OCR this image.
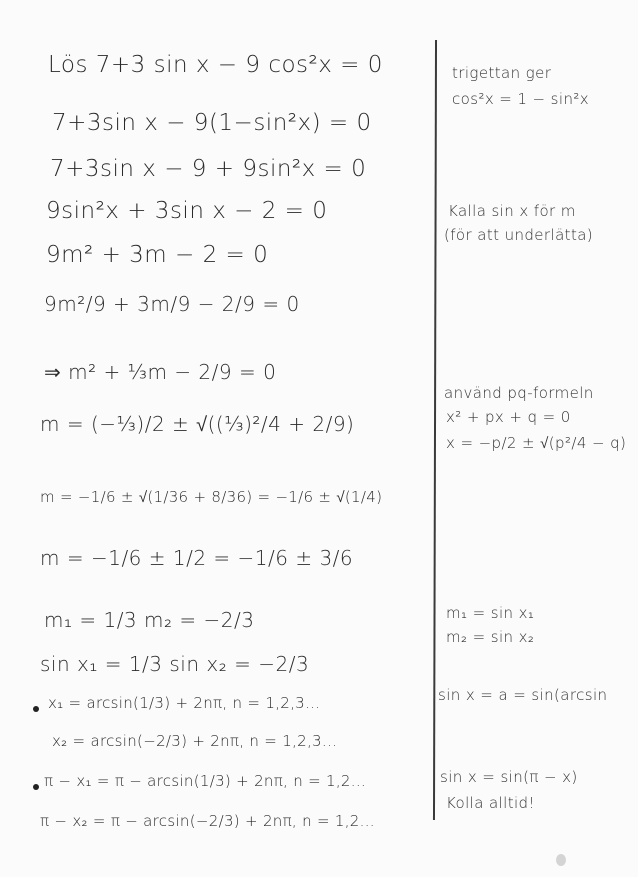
Lös 7+3 sin x − 9 cos²x = 0
7+3sin x − 9(1−sin²x) = 0
7+3sin x − 9 + 9sin²x = 0
9sin²x + 3sin x − 2 = 0
9m² + 3m − 2 = 0
9m²/9 + 3m/9 − 2/9 = 0
⇒ m² + ⅓m − 2/9 = 0
m = (−⅓)/2 ± √((⅓)²/4 + 2/9)
m = −1/6 ± √(1/36 + 8/36) = −1/6 ± √(1/4)
m = −1/6 ± 1/2 = −1/6 ± 3/6
m₁ = 1/3 m₂ = −2/3
sin x₁ = 1/3 sin x₂ = −2/3
x₁ = arcsin(1/3) + 2nπ, n = 1,2,3...
x₂ = arcsin(−2/3) + 2nπ, n = 1,2,3...
π − x₁ = π − arcsin(1/3) + 2nπ, n = 1,2...
π − x₂ = π − arcsin(−2/3) + 2nπ, n = 1,2...
trigettan ger
cos²x = 1 − sin²x
Kalla sin x för m
(för att underlätta)
använd pq-formeln
x² + px + q = 0
x = −p/2 ± √(p²/4 − q)
m₁ = sin x₁
m₂ = sin x₂
sin x = a = sin(arcsin
sin x = sin(π − x)
Kolla alltid!
